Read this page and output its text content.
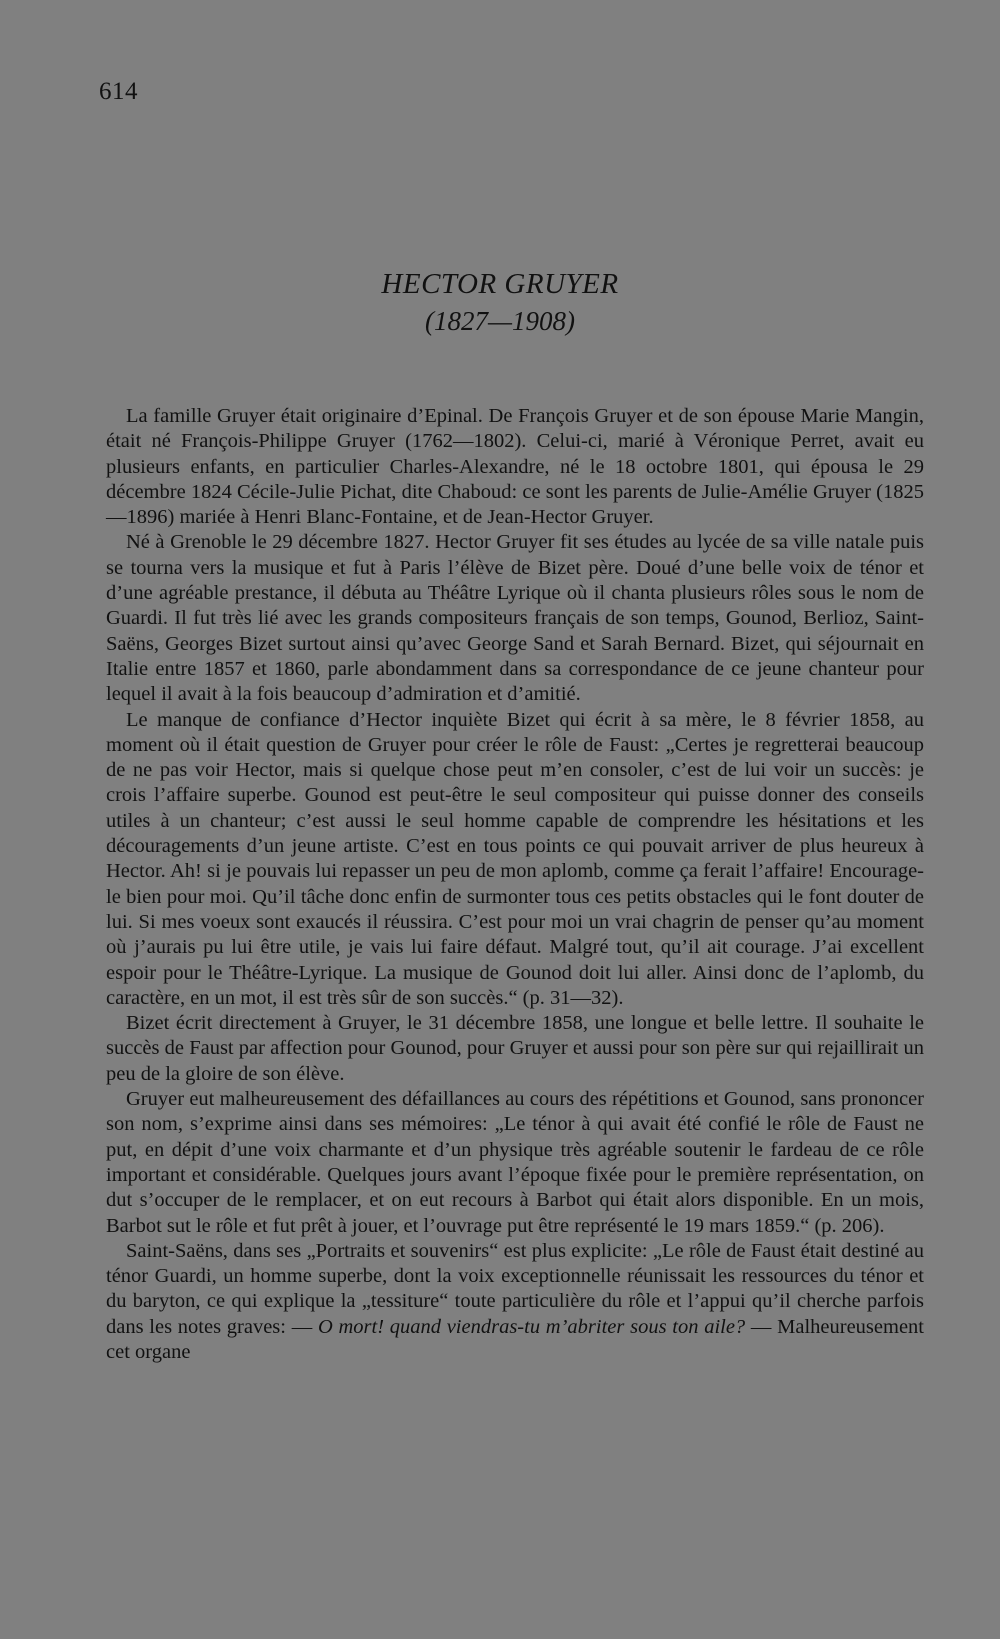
614
HECTOR GRUYER
(1827—1908)

La famille Gruyer était originaire d’Epinal. De François Gruyer et de son épouse Marie Mangin, était né François-Philippe Gruyer (1762—1802). Celui-ci, marié à Véronique Perret, avait eu plusieurs enfants, en particulier Charles-Alexandre, né le 18 octobre 1801, qui épousa le 29 décembre 1824 Cécile-Julie Pichat, dite Chaboud: ce sont les parents de Julie-Amélie Gruyer (1825—1896) mariée à Henri Blanc-Fontaine, et de Jean-Hector Gruyer.

Né à Grenoble le 29 décembre 1827. Hector Gruyer fit ses études au lycée de sa ville natale puis se tourna vers la musique et fut à Paris l’élève de Bizet père. Doué d’une belle voix de ténor et d’une agréable prestance, il débuta au Théâtre Lyrique où il chanta plusieurs rôles sous le nom de Guardi. Il fut très lié avec les grands compositeurs français de son temps, Gounod, Berlioz, Saint-Saëns, Georges Bizet surtout ainsi qu’avec George Sand et Sarah Bernard. Bizet, qui séjournait en Italie entre 1857 et 1860, parle abondamment dans sa correspondance de ce jeune chanteur pour lequel il avait à la fois beaucoup d’admiration et d’amitié.

Le manque de confiance d’Hector inquiète Bizet qui écrit à sa mère, le 8 février 1858, au moment où il était question de Gruyer pour créer le rôle de Faust: „Certes je regretterai beaucoup de ne pas voir Hector, mais si quelque chose peut m’en consoler, c’est de lui voir un succès: je crois l’affaire superbe. Gounod est peut-être le seul compositeur qui puisse donner des conseils utiles à un chanteur; c’est aussi le seul homme capable de comprendre les hésitations et les découragements d’un jeune artiste. C’est en tous points ce qui pouvait arriver de plus heureux à Hector. Ah! si je pouvais lui repasser un peu de mon aplomb, comme ça ferait l’affaire! Encourage-le bien pour moi. Qu’il tâche donc enfin de surmonter tous ces petits obstacles qui le font douter de lui. Si mes voeux sont exaucés il réussira. C’est pour moi un vrai chagrin de penser qu’au moment où j’aurais pu lui être utile, je vais lui faire défaut. Malgré tout, qu’il ait courage. J’ai excellent espoir pour le Théâtre-Lyrique. La musique de Gounod doit lui aller. Ainsi donc de l’aplomb, du caractère, en un mot, il est très sûr de son succès.“ (p. 31—32).

Bizet écrit directement à Gruyer, le 31 décembre 1858, une longue et belle lettre. Il souhaite le succès de Faust par affection pour Gounod, pour Gruyer et aussi pour son père sur qui rejaillirait un peu de la gloire de son élève.

Gruyer eut malheureusement des défaillances au cours des répétitions et Gounod, sans prononcer son nom, s’exprime ainsi dans ses mémoires: „Le ténor à qui avait été confié le rôle de Faust ne put, en dépit d’une voix charmante et d’un physique très agréable soutenir le fardeau de ce rôle important et considérable. Quelques jours avant l’époque fixée pour le première représentation, on dut s’occuper de le remplacer, et on eut recours à Barbot qui était alors disponible. En un mois, Barbot sut le rôle et fut prêt à jouer, et l’ouvrage put être représenté le 19 mars 1859.“ (p. 206).

Saint-Saëns, dans ses „Portraits et souvenirs“ est plus explicite: „Le rôle de Faust était destiné au ténor Guardi, un homme superbe, dont la voix exceptionnelle réunissait les ressources du ténor et du baryton, ce qui explique la „tessiture“ toute particulière du rôle et l’appui qu’il cherche parfois dans les notes graves: — O mort! quand viendras-tu m’abriter sous ton aile? — Malheureusement cet organe
